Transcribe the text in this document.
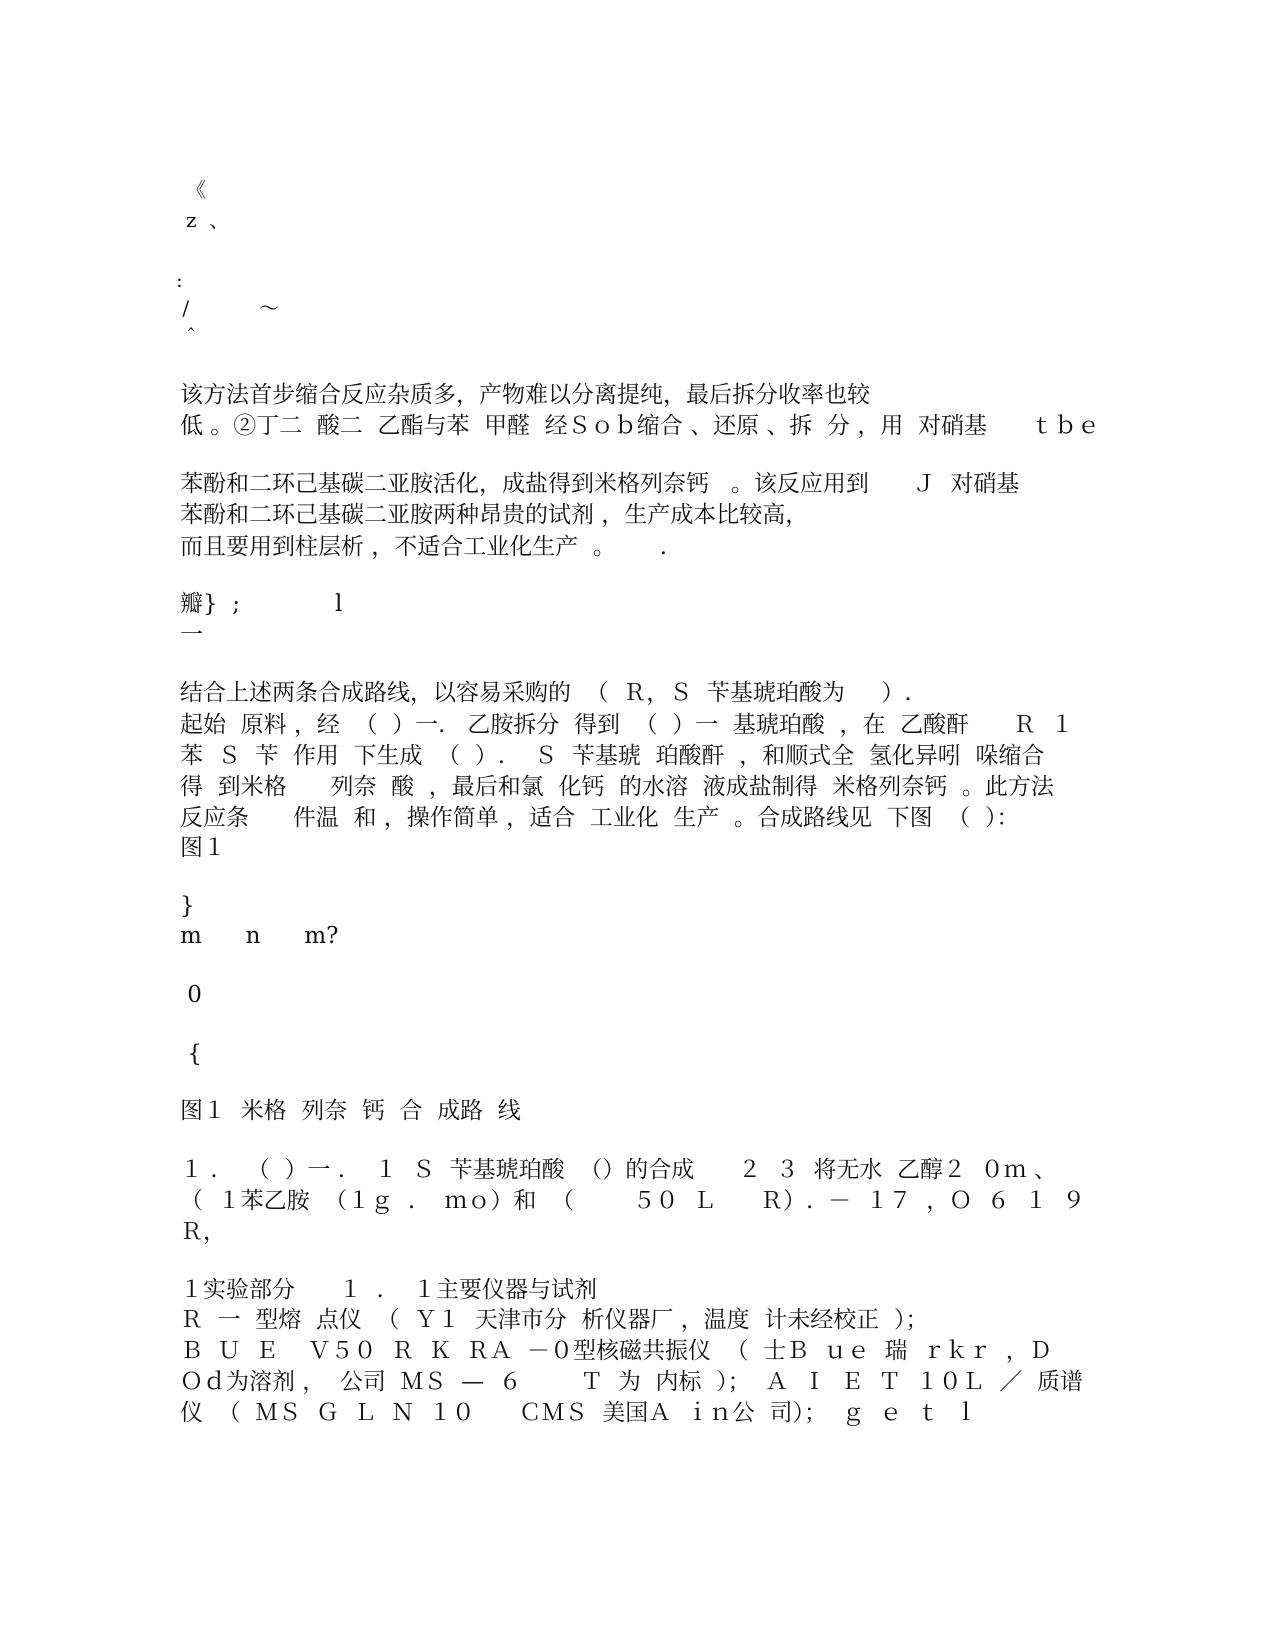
《
z  、
:
/           ～
ˆ
该方法首步缩合反应杂质多，产物难以分离提纯，最后拆分收率也较
低 。②丁二  酸二  乙酯与苯  甲醛  经Ｓｏｂ缩合 、还原 、拆  分 ，用  对硝基      ｔｂｅ
苯酚和二环己基碳二亚胺活化，成盐得到米格列奈钙   。该反应用到      Ｊ  对硝基
苯酚和二环己基碳二亚胺两种昂贵的试剂 ，生产成本比较高，
而且要用到柱层析 ，不适合工业化生产  。      .
瓣}  ;             l
一
结合上述两条合成路线，以容易采购的  （  Ｒ，Ｓ  苄基琥珀酸为     ）.
起始  原料 ，经  （  ）一.   乙胺拆分  得到  （  ）一  基琥珀酸  ，在  乙酸酐      Ｒ  １
苯  Ｓ  苄  作用  下生成  （  ）.    Ｓ  苄基琥  珀酸酐  ，和顺式全  氢化异吲  哚缩合
得  到米格      列奈  酸  ，最后和氯  化钙  的水溶  液成盐制得  米格列奈钙  。此方法
反应条      件温  和 ，操作简单 ，适合  工业化  生产  。合成路线见  下图  （  ）：
图１
}
m      n      m?
0
{
图１  米格  列奈  钙  合  成路  线
１ .    （  ）一 .    １  Ｓ  苄基琥珀酸  （）的合成      ２  ３  将无水  乙醇２  ０ｍ 、
（  １苯乙胺  （１ｇ  .    ｍｏ）和  （        ５０  Ｌ      Ｒ）.  －  １７  ，Ｏ  ６  １  ９
Ｒ，
１实验部分      １  .    １主要仪器与试剂
Ｒ  一  型熔  点仪  （  Ｙ１  天津市分  析仪器厂 ，温度  计未经校正  ）；
Ｂ  Ｕ  Ｅ    Ｖ５０  Ｒ  Ｋ  ＲＡ  －０型核磁共振仪  （  士Ｂ  ｕｅ  瑞  ｒｋｒ  ，Ｄ
Ｏｄ为溶剂 ，  公司  ＭＳ  —  ６        Ｔ  为  内标  ）；  Ａ  Ｉ  Ｅ  Ｔ  １０Ｌ  ／  质谱
仪  （  ＭＳ  Ｇ  Ｌ  Ｎ  １０      ＣＭＳ  美国Ａ  ｉｎ公  司）；  ｇ  ｅ  ｔ  ｌ
